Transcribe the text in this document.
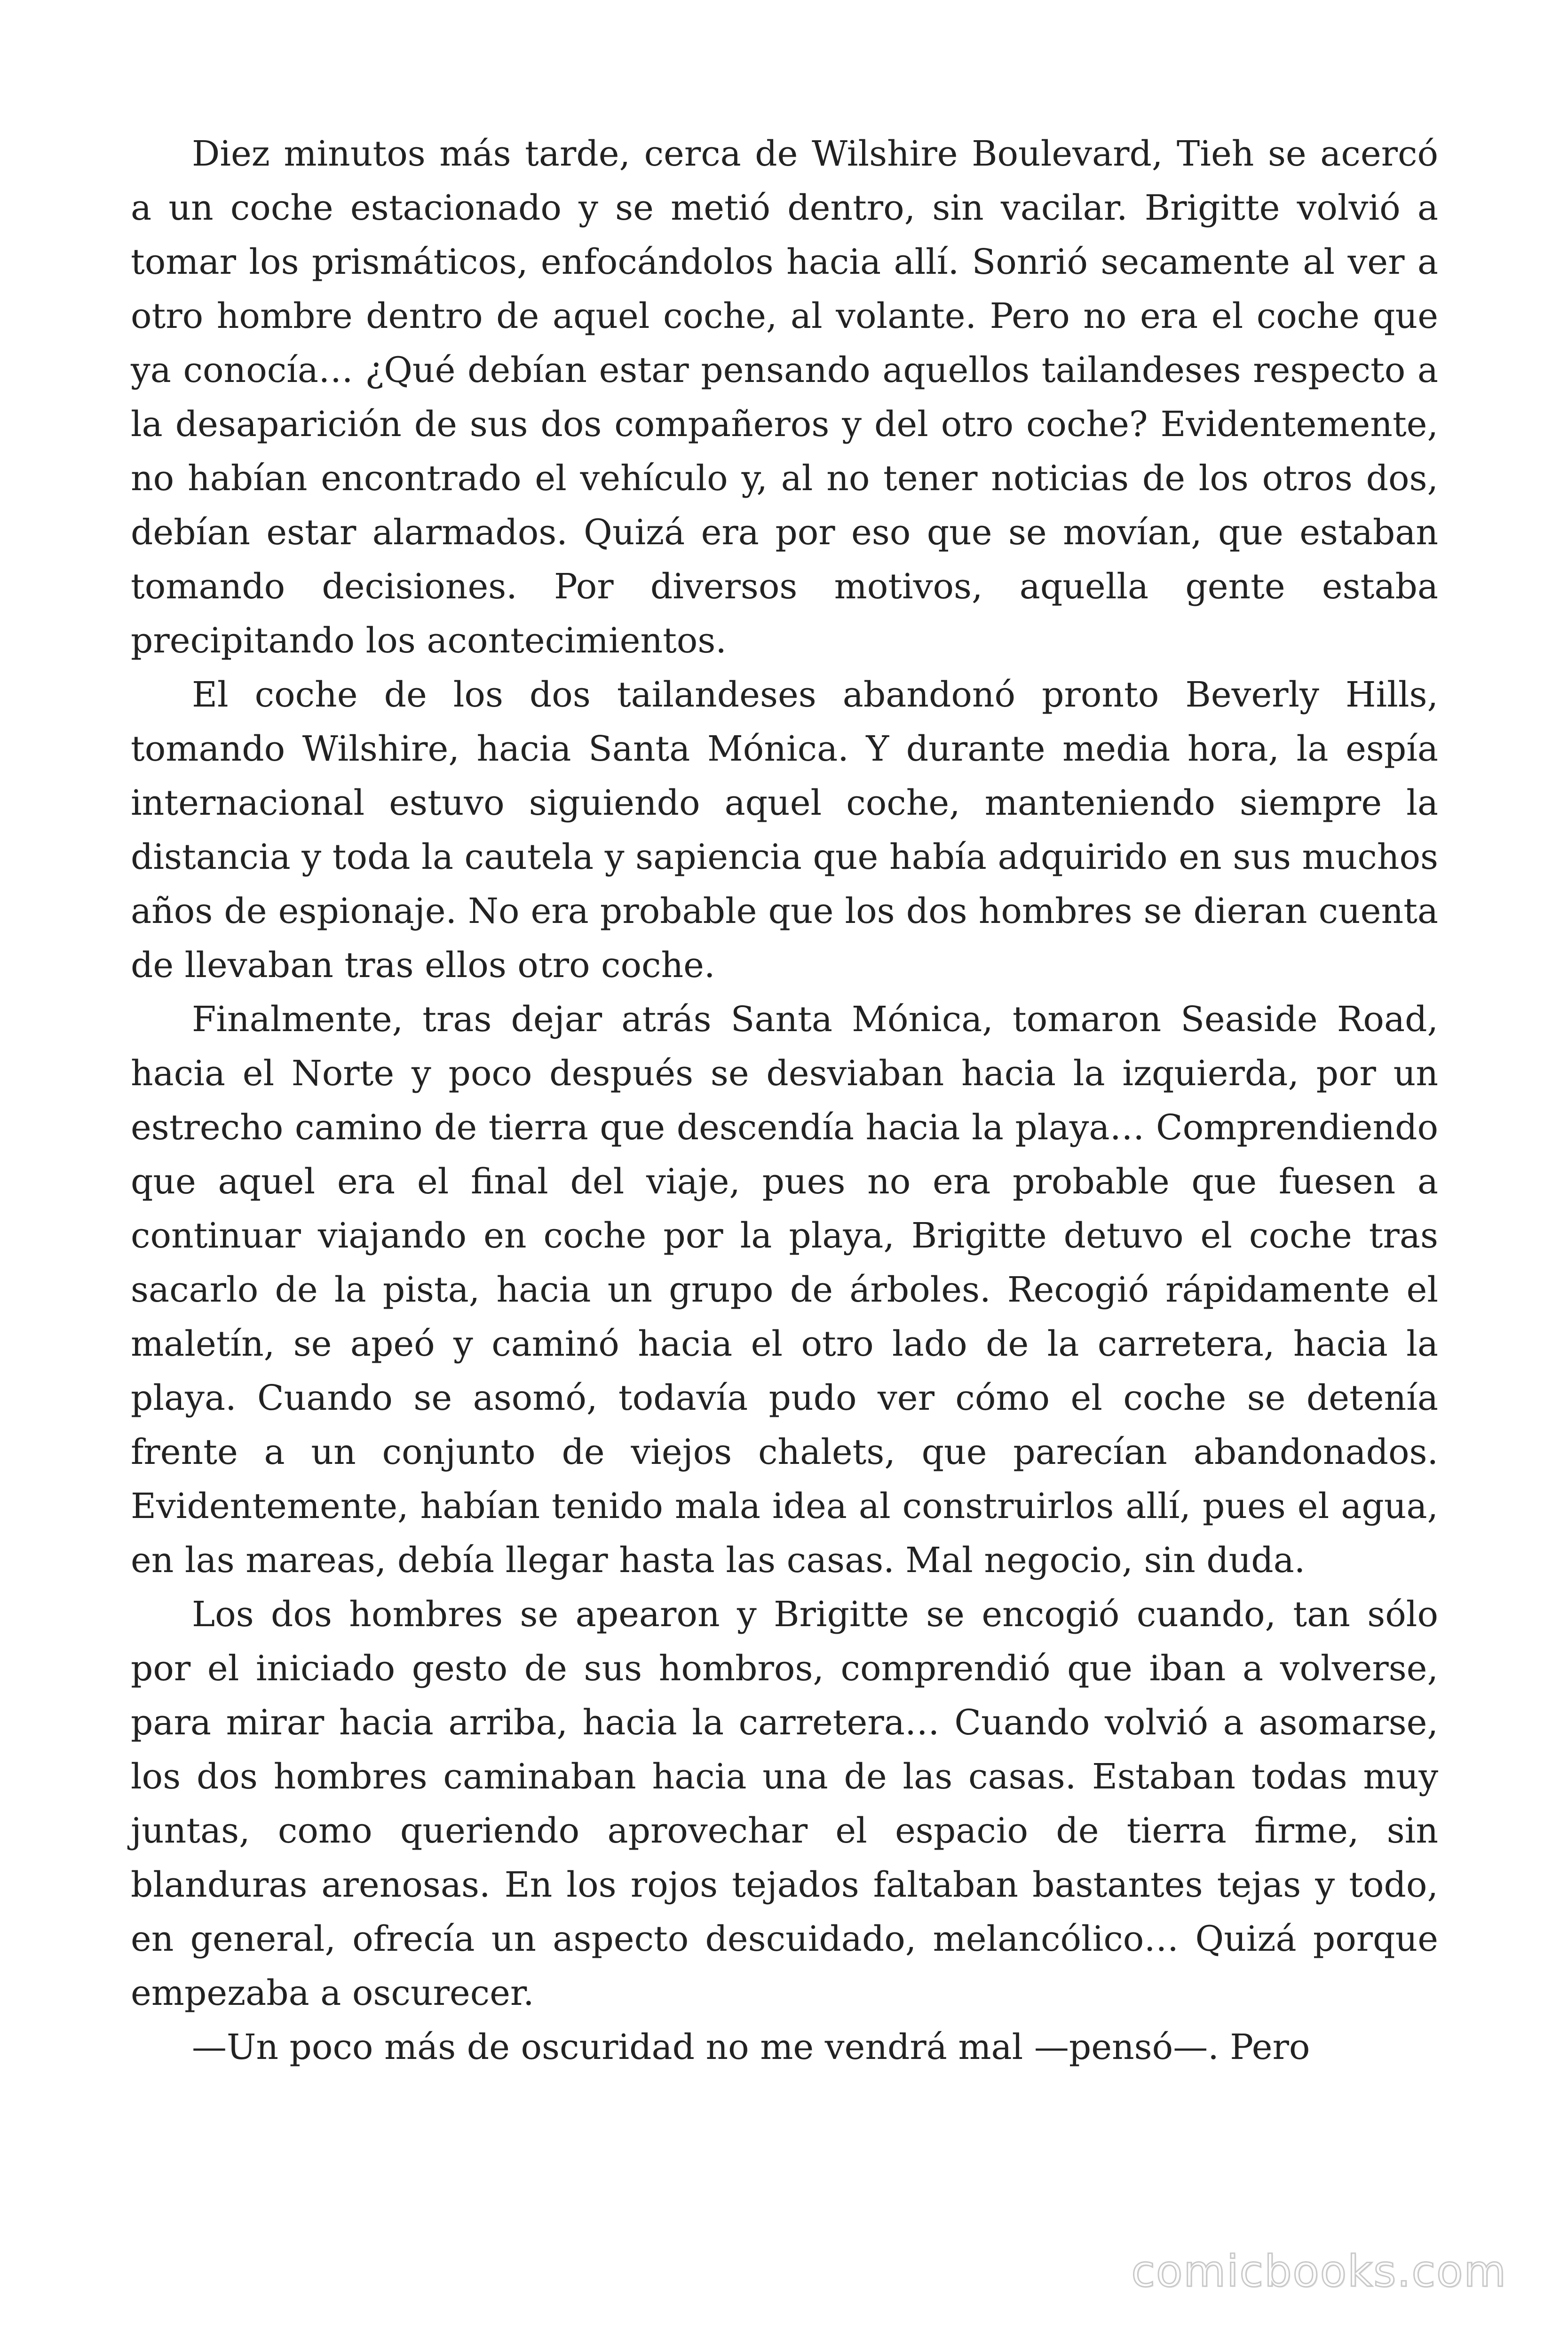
Diez minutos más tarde, cerca de Wilshire Boulevard, Tieh se acercó a un coche estacionado y se metió dentro, sin vacilar. Brigitte volvió a tomar los prismáticos, enfocándolos hacia allí. Sonrió secamente al ver a otro hombre dentro de aquel coche, al volante. Pero no era el coche que ya conocía… ¿Qué debían estar pensando aquellos tailandeses respecto a la desaparición de sus dos compañeros y del otro coche? Evidentemente, no habían encontrado el vehículo y, al no tener noticias de los otros dos, debían estar alarmados. Quizá era por eso que se movían, que estaban tomando decisiones. Por diversos motivos, aquella gente estaba precipitando los acontecimientos.

El coche de los dos tailandeses abandonó pronto Beverly Hills, tomando Wilshire, hacia Santa Mónica. Y durante media hora, la espía internacional estuvo siguiendo aquel coche, manteniendo siempre la distancia y toda la cautela y sapiencia que había adquirido en sus muchos años de espionaje. No era probable que los dos hombres se dieran cuenta de llevaban tras ellos otro coche.

Finalmente, tras dejar atrás Santa Mónica, tomaron Seaside Road, hacia el Norte y poco después se desviaban hacia la izquierda, por un estrecho camino de tierra que descendía hacia la playa… Comprendiendo que aquel era el final del viaje, pues no era probable que fuesen a continuar viajando en coche por la playa, Brigitte detuvo el coche tras sacarlo de la pista, hacia un grupo de árboles. Recogió rápidamente el maletín, se apeó y caminó hacia el otro lado de la carretera, hacia la playa. Cuando se asomó, todavía pudo ver cómo el coche se detenía frente a un conjunto de viejos chalets, que parecían abandonados. Evidentemente, habían tenido mala idea al construirlos allí, pues el agua, en las mareas, debía llegar hasta las casas. Mal negocio, sin duda.

Los dos hombres se apearon y Brigitte se encogió cuando, tan sólo por el iniciado gesto de sus hombros, comprendió que iban a volverse, para mirar hacia arriba, hacia la carretera… Cuando volvió a asomarse, los dos hombres caminaban hacia una de las casas. Estaban todas muy juntas, como queriendo aprovechar el espacio de tierra firme, sin blanduras arenosas. En los rojos tejados faltaban bastantes tejas y todo, en general, ofrecía un aspecto descuidado, melancólico… Quizá porque empezaba a oscurecer.

—Un poco más de oscuridad no me vendrá mal —pensó—. Pero

comicbooks.com
